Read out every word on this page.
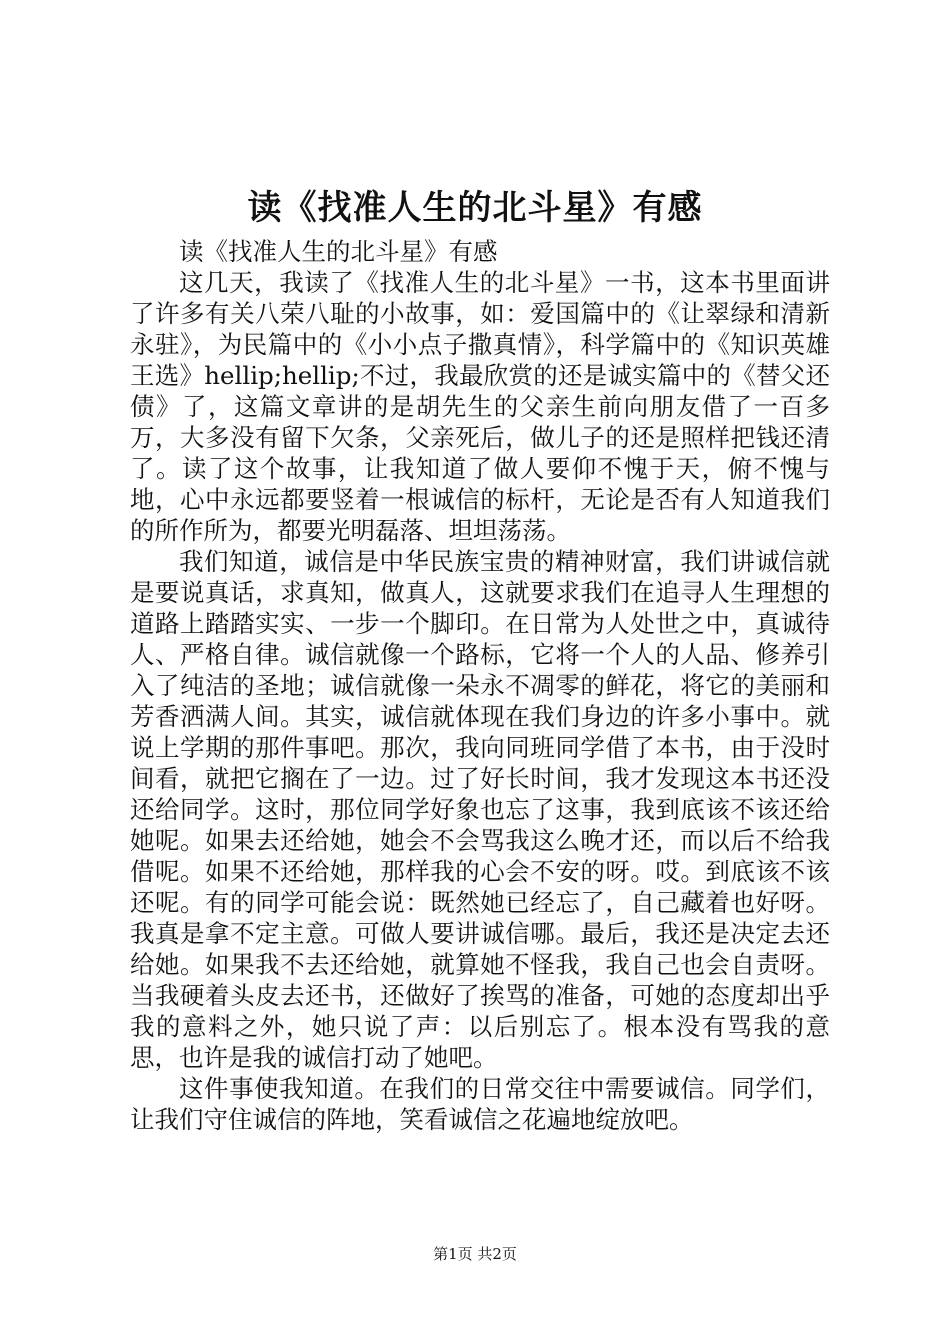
读《找准人生的北斗星》有感

读《找准人生的北斗星》有感

这几天，我读了《找准人生的北斗星》一书，这本书里面讲了许多有关八荣八耻的小故事，如：爱国篇中的《让翠绿和清新永驻》，为民篇中的《小小点子撒真情》，科学篇中的《知识英雄王选》hellip;hellip;不过，我最欣赏的还是诚实篇中的《替父还债》了，这篇文章讲的是胡先生的父亲生前向朋友借了一百多万，大多没有留下欠条，父亲死后，做儿子的还是照样把钱还清了。读了这个故事，让我知道了做人要仰不愧于天，俯不愧与地，心中永远都要竖着一根诚信的标杆，无论是否有人知道我们的所作所为，都要光明磊落、坦坦荡荡。

我们知道，诚信是中华民族宝贵的精神财富，我们讲诚信就是要说真话，求真知，做真人，这就要求我们在追寻人生理想的道路上踏踏实实、一步一个脚印。在日常为人处世之中，真诚待人、严格自律。诚信就像一个路标，它将一个人的人品、修养引入了纯洁的圣地；诚信就像一朵永不凋零的鲜花，将它的美丽和芳香洒满人间。其实，诚信就体现在我们身边的许多小事中。就说上学期的那件事吧。那次，我向同班同学借了本书，由于没时间看，就把它搁在了一边。过了好长时间，我才发现这本书还没还给同学。这时，那位同学好象也忘了这事，我到底该不该还给她呢。如果去还给她，她会不会骂我这么晚才还，而以后不给我借呢。如果不还给她，那样我的心会不安的呀。哎。到底该不该还呢。有的同学可能会说：既然她已经忘了，自己藏着也好呀。我真是拿不定主意。可做人要讲诚信哪。最后，我还是决定去还给她。如果我不去还给她，就算她不怪我，我自己也会自责呀。当我硬着头皮去还书，还做好了挨骂的准备，可她的态度却出乎我的意料之外，她只说了声：以后别忘了。根本没有骂我的意思，也许是我的诚信打动了她吧。

这件事使我知道。在我们的日常交往中需要诚信。同学们，让我们守住诚信的阵地，笑看诚信之花遍地绽放吧。

第1页 共2页
